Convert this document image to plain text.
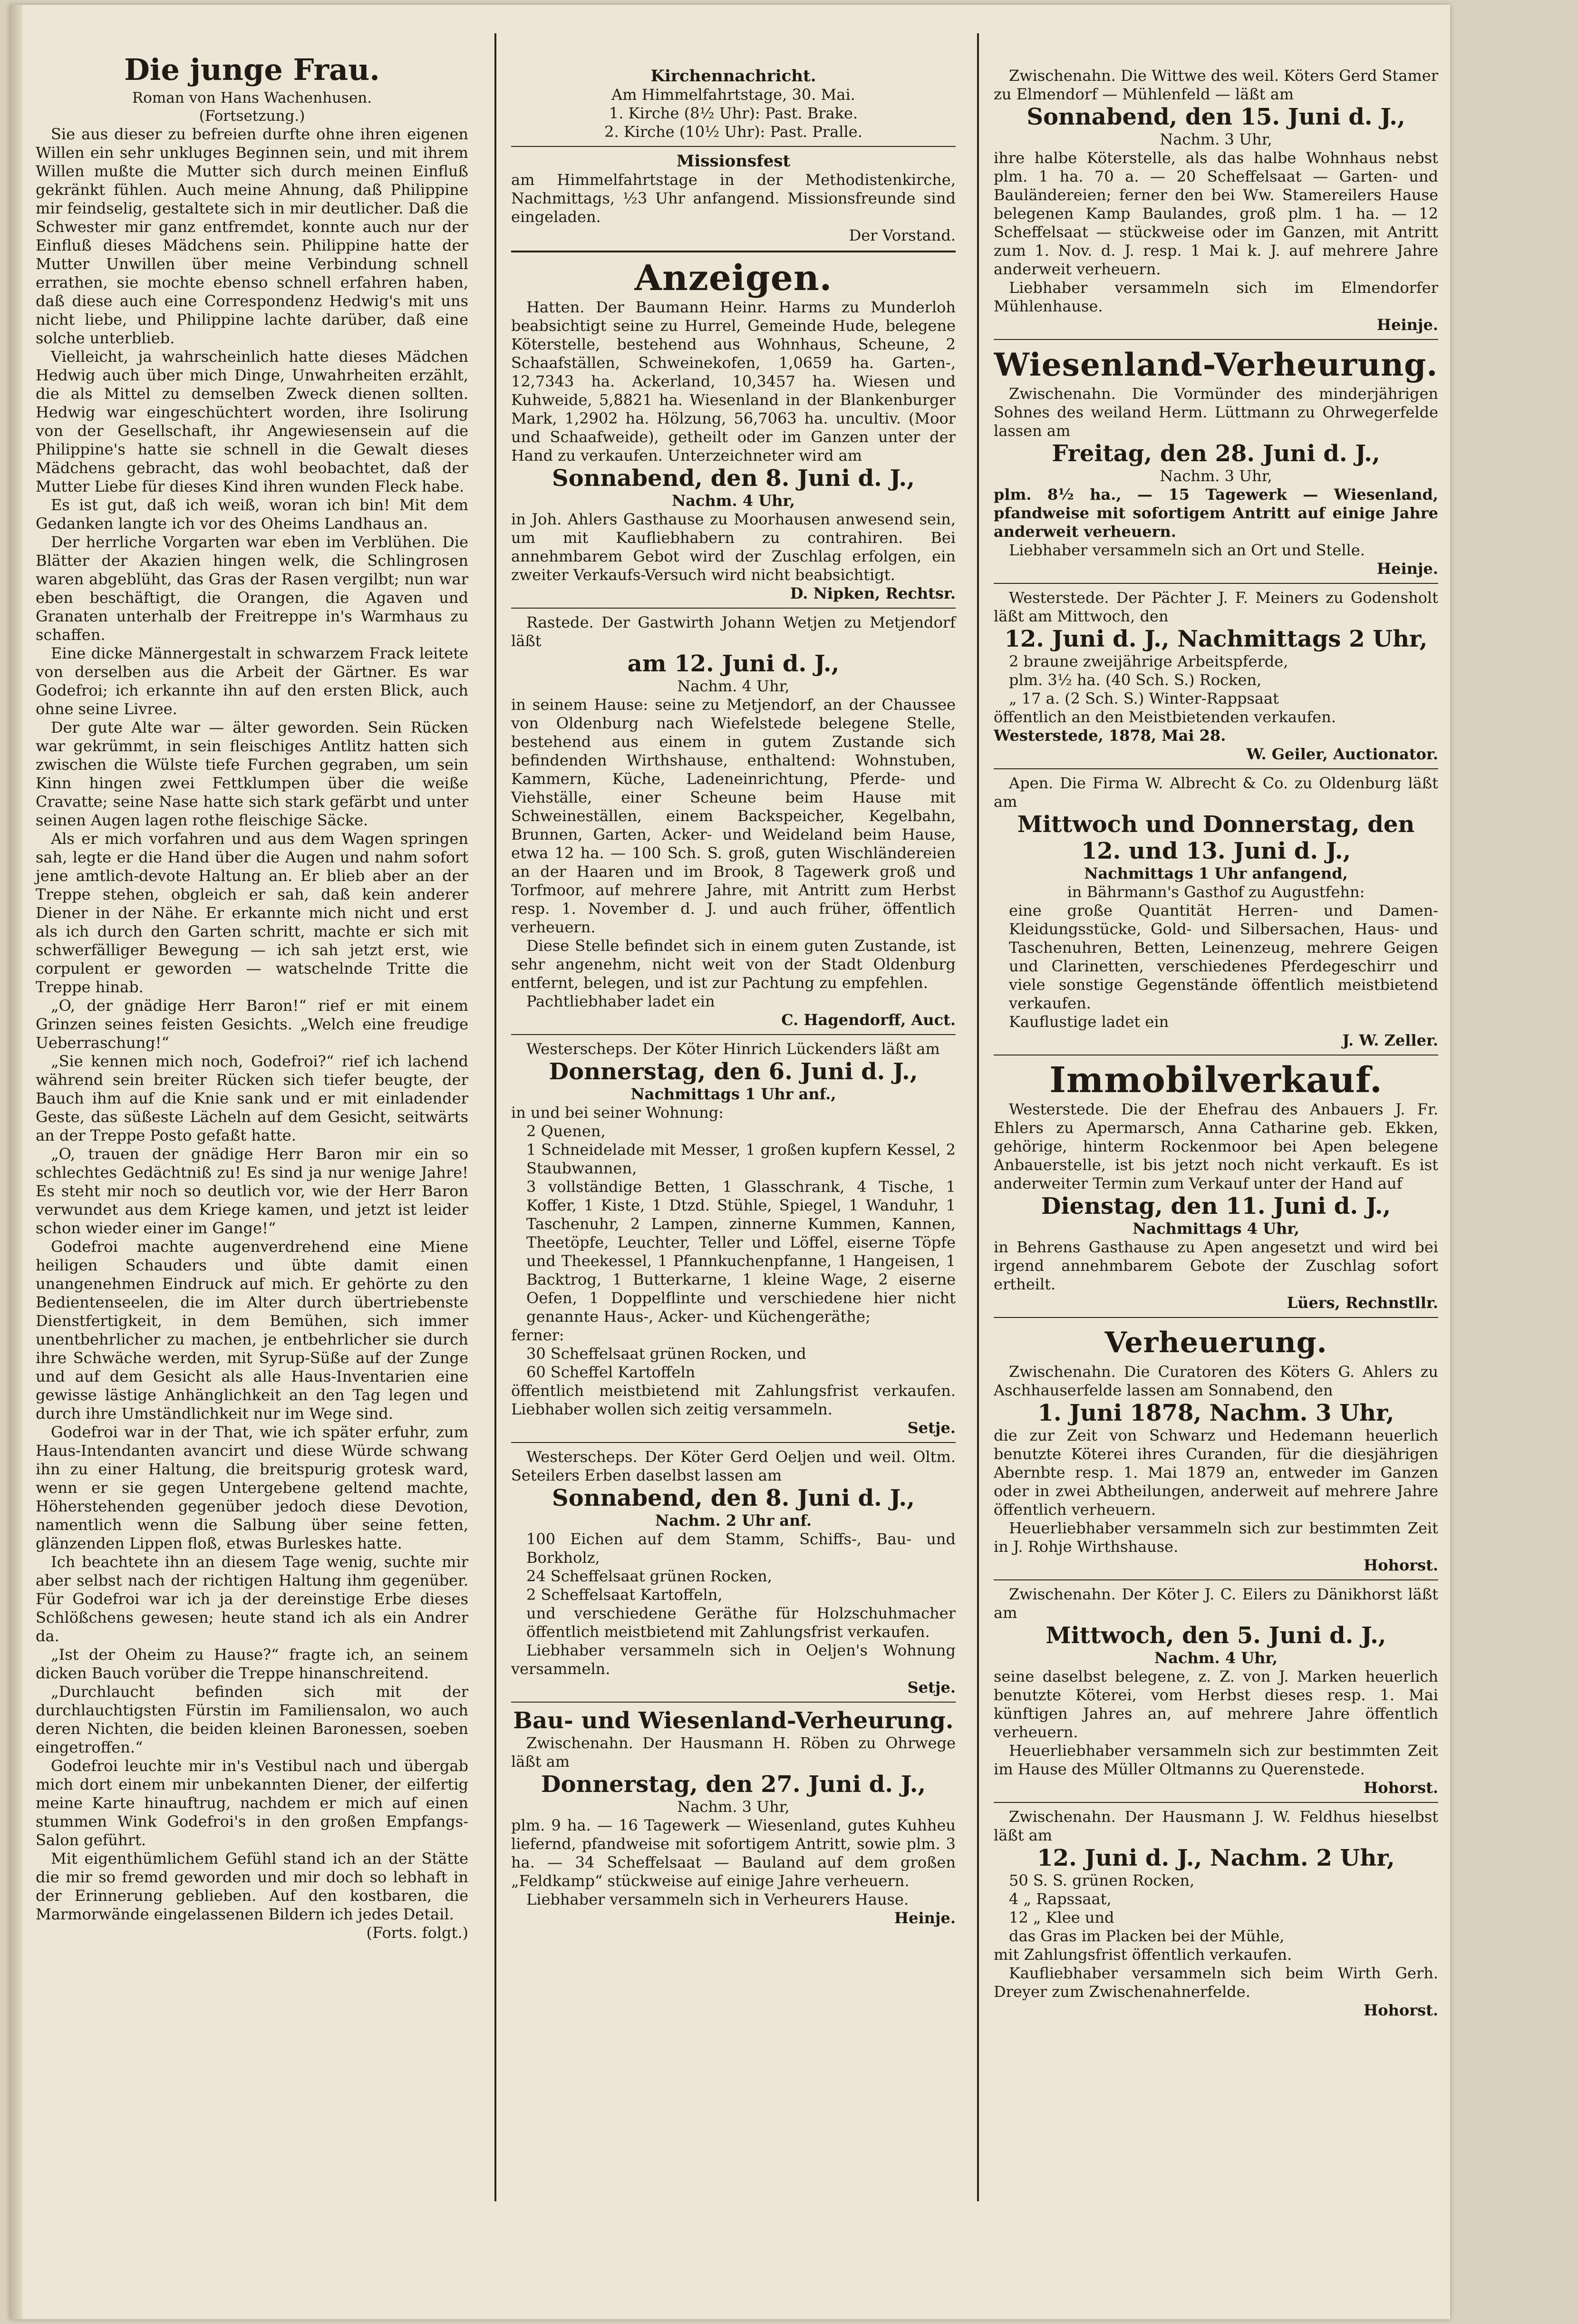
Die junge Frau.

Roman von Hans Wachenhusen.

(Fortsetzung.)

Sie aus dieser zu befreien durfte ohne ihren eigenen Willen ein sehr unkluges Beginnen sein, und mit ihrem Willen mußte die Mutter sich durch meinen Einfluß gekränkt fühlen. Auch meine Ahnung, daß Philippine mir feindselig, gestaltete sich in mir deutlicher. Daß die Schwester mir ganz entfremdet, konnte auch nur der Einfluß dieses Mädchens sein. Philippine hatte der Mutter Unwillen über meine Verbindung schnell errathen, sie mochte ebenso schnell erfahren haben, daß diese auch eine Correspondenz Hedwig's mit uns nicht liebe, und Philippine lachte darüber, daß eine solche unterblieb.

Vielleicht, ja wahrscheinlich hatte dieses Mädchen Hedwig auch über mich Dinge, Unwahrheiten erzählt, die als Mittel zu demselben Zweck dienen sollten. Hedwig war eingeschüchtert worden, ihre Isolirung von der Gesellschaft, ihr Angewiesensein auf die Philippine's hatte sie schnell in die Gewalt dieses Mädchens gebracht, das wohl beobachtet, daß der Mutter Liebe für dieses Kind ihren wunden Fleck habe.

Es ist gut, daß ich weiß, woran ich bin! Mit dem Gedanken langte ich vor des Oheims Landhaus an.

Der herrliche Vorgarten war eben im Verblühen. Die Blätter der Akazien hingen welk, die Schlingrosen waren abgeblüht, das Gras der Rasen vergilbt; nun war eben beschäftigt, die Orangen, die Agaven und Granaten unterhalb der Freitreppe in's Warmhaus zu schaffen.

Eine dicke Männergestalt in schwarzem Frack leitete von derselben aus die Arbeit der Gärtner. Es war Godefroi; ich erkannte ihn auf den ersten Blick, auch ohne seine Livree.

Der gute Alte war — älter geworden. Sein Rücken war gekrümmt, in sein fleischiges Antlitz hatten sich zwischen die Wülste tiefe Furchen gegraben, um sein Kinn hingen zwei Fettklumpen über die weiße Cravatte; seine Nase hatte sich stark gefärbt und unter seinen Augen lagen rothe fleischige Säcke.

Als er mich vorfahren und aus dem Wagen springen sah, legte er die Hand über die Augen und nahm sofort jene amtlich-devote Haltung an. Er blieb aber an der Treppe stehen, obgleich er sah, daß kein anderer Diener in der Nähe. Er erkannte mich nicht und erst als ich durch den Garten schritt, machte er sich mit schwerfälliger Bewegung — ich sah jetzt erst, wie corpulent er geworden — watschelnde Tritte die Treppe hinab.

„O, der gnädige Herr Baron!“ rief er mit einem Grinzen seines feisten Gesichts. „Welch eine freudige Ueberraschung!“

„Sie kennen mich noch, Godefroi?“ rief ich lachend während sein breiter Rücken sich tiefer beugte, der Bauch ihm auf die Knie sank und er mit einladender Geste, das süßeste Lächeln auf dem Gesicht, seitwärts an der Treppe Posto gefaßt hatte.

„O, trauen der gnädige Herr Baron mir ein so schlechtes Gedächtniß zu! Es sind ja nur wenige Jahre! Es steht mir noch so deutlich vor, wie der Herr Baron verwundet aus dem Kriege kamen, und jetzt ist leider schon wieder einer im Gange!“

Godefroi machte augenverdrehend eine Miene heiligen Schauders und übte damit einen unangenehmen Eindruck auf mich. Er gehörte zu den Bedientenseelen, die im Alter durch übertriebenste Dienstfertigkeit, in dem Bemühen, sich immer unentbehrlicher zu machen, je entbehrlicher sie durch ihre Schwäche werden, mit Syrup-Süße auf der Zunge und auf dem Gesicht als alle Haus-Inventarien eine gewisse lästige Anhänglichkeit an den Tag legen und durch ihre Umständlichkeit nur im Wege sind.

Godefroi war in der That, wie ich später erfuhr, zum Haus-Intendanten avancirt und diese Würde schwang ihn zu einer Haltung, die breitspurig grotesk ward, wenn er sie gegen Untergebene geltend machte, Höherstehenden gegenüber jedoch diese Devotion, namentlich wenn die Salbung über seine fetten, glänzenden Lippen floß, etwas Burleskes hatte.

Ich beachtete ihn an diesem Tage wenig, suchte mir aber selbst nach der richtigen Haltung ihm gegenüber. Für Godefroi war ich ja der dereinstige Erbe dieses Schlößchens gewesen; heute stand ich als ein Andrer da.

„Ist der Oheim zu Hause?“ fragte ich, an seinem dicken Bauch vorüber die Treppe hinanschreitend.

„Durchlaucht befinden sich mit der durchlauchtigsten Fürstin im Familiensalon, wo auch deren Nichten, die beiden kleinen Baronessen, soeben eingetroffen.“

Godefroi leuchte mir in's Vestibul nach und übergab mich dort einem mir unbekannten Diener, der eilfertig meine Karte hinauftrug, nachdem er mich auf einen stummen Wink Godefroi's in den großen Empfangs-Salon geführt.

Mit eigenthümlichem Gefühl stand ich an der Stätte die mir so fremd geworden und mir doch so lebhaft in der Erinnerung geblieben. Auf den kostbaren, die Marmorwände eingelassenen Bildern ich jedes Detail.

(Forts. folgt.)

Kirchennachricht.

Am Himmelfahrtstage, 30. Mai.

1. Kirche (8½ Uhr): Past. Brake.

2. Kirche (10½ Uhr): Past. Pralle.

Missionsfest

am Himmelfahrtstage in der Methodistenkirche, Nachmittags, ½3 Uhr anfangend. Missionsfreunde sind eingeladen.

Der Vorstand.

Anzeigen.

Hatten. Der Baumann Heinr. Harms zu Munderloh beabsichtigt seine zu Hurrel, Gemeinde Hude, belegene Köterstelle, bestehend aus Wohnhaus, Scheune, 2 Schaafställen, Schweinekofen, 1,0659 ha. Garten-, 12,7343 ha. Ackerland, 10,3457 ha. Wiesen und Kuhweide, 5,8821 ha. Wiesenland in der Blankenburger Mark, 1,2902 ha. Hölzung, 56,7063 ha. uncultiv. (Moor und Schaafweide), getheilt oder im Ganzen unter der Hand zu verkaufen. Unterzeichneter wird am

Sonnabend, den 8. Juni d. J.,

Nachm. 4 Uhr,

in Joh. Ahlers Gasthause zu Moorhausen anwesend sein, um mit Kaufliebhabern zu contrahiren. Bei annehmbarem Gebot wird der Zuschlag erfolgen, ein zweiter Verkaufs-Versuch wird nicht beabsichtigt.

D. Nipken, Rechtsr.

Rastede. Der Gastwirth Johann Wetjen zu Metjendorf läßt

am 12. Juni d. J.,

Nachm. 4 Uhr,

in seinem Hause: seine zu Metjendorf, an der Chaussee von Oldenburg nach Wiefelstede belegene Stelle, bestehend aus einem in gutem Zustande sich befindenden Wirthshause, enthaltend: Wohnstuben, Kammern, Küche, Ladeneinrichtung, Pferde- und Viehställe, einer Scheune beim Hause mit Schweineställen, einem Backspeicher, Kegelbahn, Brunnen, Garten, Acker- und Weideland beim Hause, etwa 12 ha. — 100 Sch. S. groß, guten Wischländereien an der Haaren und im Brook, 8 Tagewerk groß und Torfmoor, auf mehrere Jahre, mit Antritt zum Herbst resp. 1. November d. J. und auch früher, öffentlich verheuern.

Diese Stelle befindet sich in einem guten Zustande, ist sehr angenehm, nicht weit von der Stadt Oldenburg entfernt, belegen, und ist zur Pachtung zu empfehlen.

Pachtliebhaber ladet ein

C. Hagendorff, Auct.

Westerscheps. Der Köter Hinrich Lückenders läßt am

Donnerstag, den 6. Juni d. J.,

Nachmittags 1 Uhr anf.,

in und bei seiner Wohnung:

2 Quenen,

1 Schneidelade mit Messer, 1 großen kupfern Kessel, 2 Staubwannen,

3 vollständige Betten, 1 Glasschrank, 4 Tische, 1 Koffer, 1 Kiste, 1 Dtzd. Stühle, Spiegel, 1 Wanduhr, 1 Taschenuhr, 2 Lampen, zinnerne Kummen, Kannen, Theetöpfe, Leuchter, Teller und Löffel, eiserne Töpfe und Theekessel, 1 Pfannkuchenpfanne, 1 Hangeisen, 1 Backtrog, 1 Butterkarne, 1 kleine Wage, 2 eiserne Oefen, 1 Doppelflinte und verschiedene hier nicht genannte Haus-, Acker- und Küchengeräthe;

ferner:

30 Scheffelsaat grünen Rocken, und

60 Scheffel Kartoffeln

öffentlich meistbietend mit Zahlungsfrist verkaufen. Liebhaber wollen sich zeitig versammeln.

Setje.

Westerscheps. Der Köter Gerd Oeljen und weil. Oltm. Seteilers Erben daselbst lassen am

Sonnabend, den 8. Juni d. J.,

Nachm. 2 Uhr anf.

100 Eichen auf dem Stamm, Schiffs-, Bau- und Borkholz,

24 Scheffelsaat grünen Rocken,

2 Scheffelsaat Kartoffeln,

und verschiedene Geräthe für Holzschuhmacher öffentlich meistbietend mit Zahlungsfrist verkaufen.

Liebhaber versammeln sich in Oeljen's Wohnung versammeln.

Setje.

Bau- und Wiesenland-Verheurung.

Zwischenahn. Der Hausmann H. Röben zu Ohrwege läßt am

Donnerstag, den 27. Juni d. J.,

Nachm. 3 Uhr,

plm. 9 ha. — 16 Tagewerk — Wiesenland, gutes Kuhheu liefernd, pfandweise mit sofortigem Antritt, sowie plm. 3 ha. — 34 Scheffelsaat — Bauland auf dem großen „Feldkamp“ stückweise auf einige Jahre verheuern.

Liebhaber versammeln sich in Verheurers Hause.

Heinje.

Zwischenahn. Die Wittwe des weil. Köters Gerd Stamer zu Elmendorf — Mühlenfeld — läßt am

Sonnabend, den 15. Juni d. J.,

Nachm. 3 Uhr,

ihre halbe Köterstelle, als das halbe Wohnhaus nebst plm. 1 ha. 70 a. — 20 Scheffelsaat — Garten- und Bauländereien; ferner den bei Ww. Stamereilers Hause belegenen Kamp Baulandes, groß plm. 1 ha. — 12 Scheffelsaat — stückweise oder im Ganzen, mit Antritt zum 1. Nov. d. J. resp. 1 Mai k. J. auf mehrere Jahre anderweit verheuern.

Liebhaber versammeln sich im Elmendorfer Mühlenhause.

Heinje.

Wiesenland-Verheurung.

Zwischenahn. Die Vormünder des minderjährigen Sohnes des weiland Herm. Lüttmann zu Ohrwegerfelde lassen am

Freitag, den 28. Juni d. J.,

Nachm. 3 Uhr,

plm. 8½ ha., — 15 Tagewerk — Wiesenland, pfandweise mit sofortigem Antritt auf einige Jahre anderweit verheuern.

Liebhaber versammeln sich an Ort und Stelle.

Heinje.

Westerstede. Der Pächter J. F. Meiners zu Godensholt läßt am Mittwoch, den

12. Juni d. J., Nachmittags 2 Uhr,

2 braune zweijährige Arbeitspferde,

plm. 3½ ha. (40 Sch. S.) Rocken,

„ 17 a. (2 Sch. S.) Winter-Rappsaat

öffentlich an den Meistbietenden verkaufen.

Westerstede, 1878, Mai 28.

W. Geiler, Auctionator.

Apen. Die Firma W. Albrecht & Co. zu Oldenburg läßt am

Mittwoch und Donnerstag, den 12. und 13. Juni d. J.,

Nachmittags 1 Uhr anfangend,

in Bährmann's Gasthof zu Augustfehn:

eine große Quantität Herren- und Damen-Kleidungsstücke, Gold- und Silbersachen, Haus- und Taschenuhren, Betten, Leinenzeug, mehrere Geigen und Clarinetten, verschiedenes Pferdegeschirr und viele sonstige Gegenstände öffentlich meistbietend verkaufen.

Kauflustige ladet ein

J. W. Zeller.

Immobilverkauf.

Westerstede. Die der Ehefrau des Anbauers J. Fr. Ehlers zu Apermarsch, Anna Catharine geb. Ekken, gehörige, hinterm Rockenmoor bei Apen belegene Anbauerstelle, ist bis jetzt noch nicht verkauft. Es ist anderweiter Termin zum Verkauf unter der Hand auf

Dienstag, den 11. Juni d. J.,

Nachmittags 4 Uhr,

in Behrens Gasthause zu Apen angesetzt und wird bei irgend annehmbarem Gebote der Zuschlag sofort ertheilt.

Lüers, Rechnstllr.

Verheuerung.

Zwischenahn. Die Curatoren des Köters G. Ahlers zu Aschhauserfelde lassen am Sonnabend, den

1. Juni 1878, Nachm. 3 Uhr,

die zur Zeit von Schwarz und Hedemann heuerlich benutzte Köterei ihres Curanden, für die diesjährigen Abernbte resp. 1. Mai 1879 an, entweder im Ganzen oder in zwei Abtheilungen, anderweit auf mehrere Jahre öffentlich verheuern.

Heuerliebhaber versammeln sich zur bestimmten Zeit in J. Rohje Wirthshause.

Hohorst.

Zwischenahn. Der Köter J. C. Eilers zu Dänikhorst läßt am

Mittwoch, den 5. Juni d. J.,

Nachm. 4 Uhr,

seine daselbst belegene, z. Z. von J. Marken heuerlich benutzte Köterei, vom Herbst dieses resp. 1. Mai künftigen Jahres an, auf mehrere Jahre öffentlich verheuern.

Heuerliebhaber versammeln sich zur bestimmten Zeit im Hause des Müller Oltmanns zu Querenstede.

Hohorst.

Zwischenahn. Der Hausmann J. W. Feldhus hieselbst läßt am

12. Juni d. J., Nachm. 2 Uhr,

50 S. S. grünen Rocken,

4 „ Rapssaat,

12 „ Klee und

das Gras im Placken bei der Mühle,

mit Zahlungsfrist öffentlich verkaufen.

Kaufliebhaber versammeln sich beim Wirth Gerh. Dreyer zum Zwischenahnerfelde.

Hohorst.
